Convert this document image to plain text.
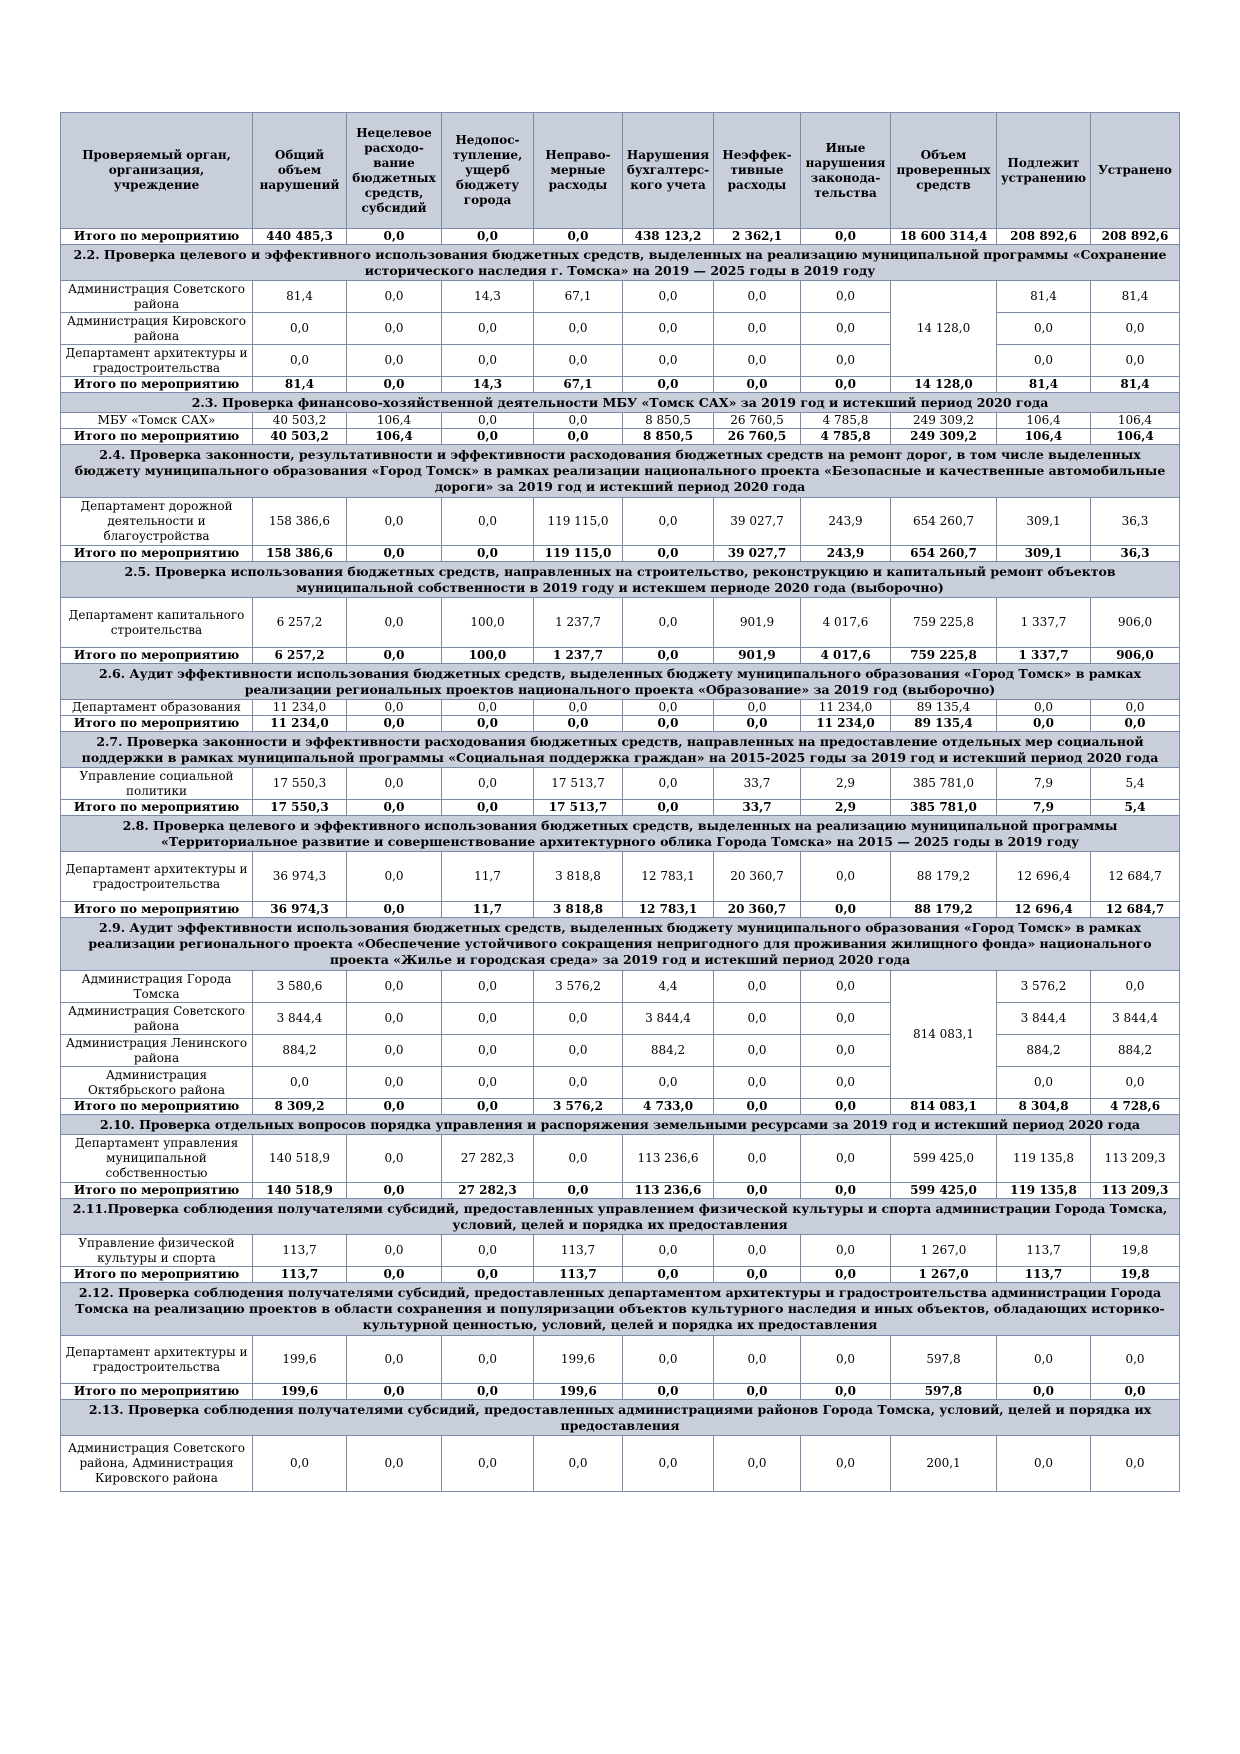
Проверяемый орган, организация, учреждение	Общий объем нарушений	Нецелевое расходо-вание бюджетных средств, субсидий	Недопос-тупление, ущерб бюджету города	Неправо-мерные расходы	Нарушения бухгалтерс-кого учета	Неэффек-тивные расходы	Иные нарушения законода-тельства	Объем проверенных средств	Подлежит устранению	Устранено
Итого по мероприятию	440 485,3	0,0	0,0	0,0	438 123,2	2 362,1	0,0	18 600 314,4	208 892,6	208 892,6
2.2. Проверка целевого и эффективного использования бюджетных средств, выделенных на реализацию муниципальной программы «Сохранение исторического наследия г. Томска» на 2019 — 2025 годы в 2019 году										
Администрация Советского района	81,4	0,0	14,3	67,1	0,0	0,0	0,0	14 128,0	81,4	81,4
Администрация Кировского района	0,0	0,0	0,0	0,0	0,0	0,0	0,0		0,0	0,0
Департамент архитектуры и градостроительства	0,0	0,0	0,0	0,0	0,0	0,0	0,0		0,0	0,0
Итого по мероприятию	81,4	0,0	14,3	67,1	0,0	0,0	0,0	14 128,0	81,4	81,4
2.3. Проверка финансово-хозяйственной деятельности МБУ «Томск САХ» за 2019 год и истекший период 2020 года										
МБУ «Томск САХ»	40 503,2	106,4	0,0	0,0	8 850,5	26 760,5	4 785,8	249 309,2	106,4	106,4
Итого по мероприятию	40 503,2	106,4	0,0	0,0	8 850,5	26 760,5	4 785,8	249 309,2	106,4	106,4
2.4. Проверка законности, результативности и эффективности расходования бюджетных средств на ремонт дорог, в том числе выделенных бюджету муниципального образования «Город Томск» в рамках реализации национального проекта «Безопасные и качественные автомобильные дороги» за 2019 год и истекший период 2020 года										
Департамент дорожной деятельности и благоустройства	158 386,6	0,0	0,0	119 115,0	0,0	39 027,7	243,9	654 260,7	309,1	36,3
Итого по мероприятию	158 386,6	0,0	0,0	119 115,0	0,0	39 027,7	243,9	654 260,7	309,1	36,3
2.5. Проверка использования бюджетных средств, направленных на строительство, реконструкцию и капитальный ремонт объектов муниципальной собственности в 2019 году и истекшем периоде 2020 года (выборочно)										
Департамент капитального строительства	6 257,2	0,0	100,0	1 237,7	0,0	901,9	4 017,6	759 225,8	1 337,7	906,0
Итого по мероприятию	6 257,2	0,0	100,0	1 237,7	0,0	901,9	4 017,6	759 225,8	1 337,7	906,0
2.6. Аудит эффективности использования бюджетных средств, выделенных бюджету муниципального образования «Город Томск» в рамках реализации региональных проектов национального проекта «Образование» за 2019 год (выборочно)										
Департамент образования	11 234,0	0,0	0,0	0,0	0,0	0,0	11 234,0	89 135,4	0,0	0,0
Итого по мероприятию	11 234,0	0,0	0,0	0,0	0,0	0,0	11 234,0	89 135,4	0,0	0,0
2.7. Проверка законности и эффективности расходования бюджетных средств, направленных на предоставление отдельных мер социальной поддержки в рамках муниципальной программы «Социальная поддержка граждан» на 2015-2025 годы за 2019 год и истекший период 2020 года										
Управление социальной политики	17 550,3	0,0	0,0	17 513,7	0,0	33,7	2,9	385 781,0	7,9	5,4
Итого по мероприятию	17 550,3	0,0	0,0	17 513,7	0,0	33,7	2,9	385 781,0	7,9	5,4
2.8. Проверка целевого и эффективного использования бюджетных средств, выделенных на реализацию муниципальной программы «Территориальное развитие и совершенствование архитектурного облика Города Томска» на 2015 — 2025 годы в 2019 году										
Департамент архитектуры и градостроительства	36 974,3	0,0	11,7	3 818,8	12 783,1	20 360,7	0,0	88 179,2	12 696,4	12 684,7
Итого по мероприятию	36 974,3	0,0	11,7	3 818,8	12 783,1	20 360,7	0,0	88 179,2	12 696,4	12 684,7
2.9. Аудит эффективности использования бюджетных средств, выделенных бюджету муниципального образования «Город Томск» в рамках реализации регионального проекта «Обеспечение устойчивого сокращения непригодного для проживания жилищного фонда» национального проекта «Жилье и городская среда» за 2019 год и истекший период 2020 года										
Администрация Города Томска	3 580,6	0,0	0,0	3 576,2	4,4	0,0	0,0	814 083,1	3 576,2	0,0
Администрация Советского района	3 844,4	0,0	0,0	0,0	3 844,4	0,0	0,0		3 844,4	3 844,4
Администрация Ленинского района	884,2	0,0	0,0	0,0	884,2	0,0	0,0		884,2	884,2
Администрация Октябрьского района	0,0	0,0	0,0	0,0	0,0	0,0	0,0		0,0	0,0
Итого по мероприятию	8 309,2	0,0	0,0	3 576,2	4 733,0	0,0	0,0	814 083,1	8 304,8	4 728,6
2.10. Проверка отдельных вопросов порядка управления и распоряжения земельными ресурсами за 2019 год и истекший период 2020 года										
Департамент управления муниципальной собственностью	140 518,9	0,0	27 282,3	0,0	113 236,6	0,0	0,0	599 425,0	119 135,8	113 209,3
Итого по мероприятию	140 518,9	0,0	27 282,3	0,0	113 236,6	0,0	0,0	599 425,0	119 135,8	113 209,3
2.11.Проверка соблюдения получателями субсидий, предоставленных управлением физической культуры и спорта администрации Города Томска, условий, целей и порядка их предоставления										
Управление физической культуры и спорта	113,7	0,0	0,0	113,7	0,0	0,0	0,0	1 267,0	113,7	19,8
Итого по мероприятию	113,7	0,0	0,0	113,7	0,0	0,0	0,0	1 267,0	113,7	19,8
2.12. Проверка соблюдения получателями субсидий, предоставленных департаментом архитектуры и градостроительства администрации Города Томска на реализацию проектов в области сохранения и популяризации объектов культурного наследия и иных объектов, обладающих историко-культурной ценностью, условий, целей и порядка их предоставления										
Департамент архитектуры и градостроительства	199,6	0,0	0,0	199,6	0,0	0,0	0,0	597,8	0,0	0,0
Итого по мероприятию	199,6	0,0	0,0	199,6	0,0	0,0	0,0	597,8	0,0	0,0
2.13. Проверка соблюдения получателями субсидий, предоставленных администрациями районов Города Томска, условий, целей и порядка их предоставления										
Администрация Советского района, Администрация Кировского района	0,0	0,0	0,0	0,0	0,0	0,0	0,0	200,1	0,0	0,0
